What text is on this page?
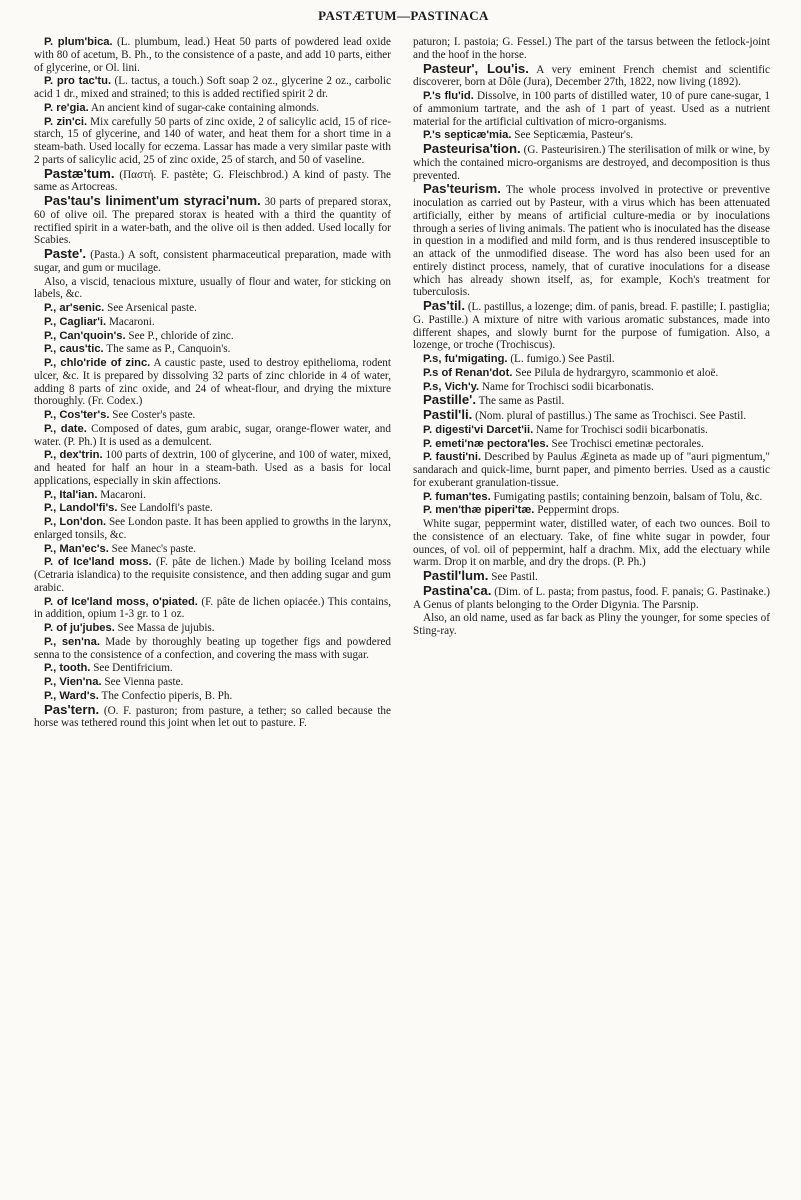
PASTÆTUM—PASTINACA

P. plum'bica. (L. plumbum, lead.) Heat 50 parts of powdered lead oxide with 80 of acetum, B. Ph., to the consistence of a paste, and add 10 parts, either of glycerine, or Ol. lini.

P. pro tac'tu. (L. tactus, a touch.) Soft soap 2 oz., glycerine 2 oz., carbolic acid 1 dr., mixed and strained; to this is added rectified spirit 2 dr.

P. re'gia. An ancient kind of sugar-cake containing almonds.

P. zin'ci. Mix carefully 50 parts of zinc oxide, 2 of salicylic acid, 15 of rice-starch, 15 of glycerine, and 140 of water, and heat them for a short time in a steam-bath. Used locally for eczema. Lassar has made a very similar paste with 2 parts of salicylic acid, 25 of zinc oxide, 25 of starch, and 50 of vaseline.

Pastæ'tum. (Παστή. F. pastète; G. Fleischbrod.) A kind of pasty. The same as Artocreas.

Pas'tau's liniment'um styraci'num. 30 parts of prepared storax, 60 of olive oil. The prepared storax is heated with a third the quantity of rectified spirit in a water-bath, and the olive oil is then added. Used locally for Scabies.

Paste'. (Pasta.) A soft, consistent pharmaceutical preparation, made with sugar, and gum or mucilage.

Also, a viscid, tenacious mixture, usually of flour and water, for sticking on labels, &c.

P., ar'senic. See Arsenical paste.

P., Cagliar'i. Macaroni.

P., Can'quoin's. See P., chloride of zinc.

P., caus'tic. The same as P., Canquoin's.

P., chlo'ride of zinc. A caustic paste, used to destroy epithelioma, rodent ulcer, &c. It is prepared by dissolving 32 parts of zinc chloride in 4 of water, adding 8 parts of zinc oxide, and 24 of wheat-flour, and drying the mixture thoroughly. (Fr. Codex.)

P., Cos'ter's. See Coster's paste.

P., date. Composed of dates, gum arabic, sugar, orange-flower water, and water. (P. Ph.) It is used as a demulcent.

P., dex'trin. 100 parts of dextrin, 100 of glycerine, and 100 of water, mixed, and heated for half an hour in a steam-bath. Used as a basis for local applications, especially in skin affections.

P., Ital'ian. Macaroni.

P., Landol'fi's. See Landolfi's paste.

P., Lon'don. See London paste. It has been applied to growths in the larynx, enlarged tonsils, &c.

P., Man'ec's. See Manec's paste.

P. of Ice'land moss. (F. pâte de lichen.) Made by boiling Iceland moss (Cetraria islandica) to the requisite consistence, and then adding sugar and gum arabic.

P. of Ice'land moss, o'piated. (F. pâte de lichen opiacée.) This contains, in addition, opium 1-3 gr. to 1 oz.

P. of ju'jubes. See Massa de jujubis.

P., sen'na. Made by thoroughly beating up together figs and powdered senna to the consistence of a confection, and covering the mass with sugar.

P., tooth. See Dentifricium.

P., Vien'na. See Vienna paste.

P., Ward's. The Confectio piperis, B. Ph.

Pas'tern. (O. F. pasturon; from pasture, a tether; so called because the horse was tethered round this joint when let out to pasture. F.

paturon; I. pastoia; G. Fessel.) The part of the tarsus between the fetlock-joint and the hoof in the horse.

Pasteur', Lou'is. A very eminent French chemist and scientific discoverer, born at Dôle (Jura), December 27th, 1822, now living (1892).

P.'s flu'id. Dissolve, in 100 parts of distilled water, 10 of pure cane-sugar, 1 of ammonium tartrate, and the ash of 1 part of yeast. Used as a nutrient material for the artificial cultivation of micro-organisms.

P.'s septicæ'mia. See Septicæmia, Pasteur's.

Pasteurisa'tion. (G. Pasteurisiren.) The sterilisation of milk or wine, by which the contained micro-organisms are destroyed, and decomposition is thus prevented.

Pas'teurism. The whole process involved in protective or preventive inoculation as carried out by Pasteur, with a virus which has been attenuated artificially, either by means of artificial culture-media or by inoculations through a series of living animals. The patient who is inoculated has the disease in question in a modified and mild form, and is thus rendered insusceptible to an attack of the unmodified disease. The word has also been used for an entirely distinct process, namely, that of curative inoculations for a disease which has already shown itself, as, for example, Koch's treatment for tuberculosis.

Pas'til. (L. pastillus, a lozenge; dim. of panis, bread. F. pastille; I. pastiglia; G. Pastille.) A mixture of nitre with various aromatic substances, made into different shapes, and slowly burnt for the purpose of fumigation. Also, a lozenge, or troche (Trochiscus).

P.s, fu'migating. (L. fumigo.) See Pastil.

P.s of Renan'dot. See Pilula de hydrargyro, scammonio et aloë.

P.s, Vich'y. Name for Trochisci sodii bicarbonatis.

Pastille'. The same as Pastil.

Pastil'li. (Nom. plural of pastillus.) The same as Trochisci. See Pastil.

P. digesti'vi Darcet'ii. Name for Trochisci sodii bicarbonatis.

P. emeti'næ pectora'les. See Trochisci emetinæ pectorales.

P. fausti'ni. Described by Paulus Ægineta as made up of "auri pigmentum," sandarach and quick-lime, burnt paper, and pimento berries. Used as a caustic for exuberant granulation-tissue.

P. fuman'tes. Fumigating pastils; containing benzoin, balsam of Tolu, &c.

P. men'thæ piperi'tæ. Peppermint drops.

White sugar, peppermint water, distilled water, of each two ounces. Boil to the consistence of an electuary. Take, of fine white sugar in powder, four ounces, of vol. oil of peppermint, half a drachm. Mix, add the electuary while warm. Drop it on marble, and dry the drops. (P. Ph.)

Pastil'lum. See Pastil.

Pastina'ca. (Dim. of L. pasta; from pastus, food. F. panais; G. Pastinake.) A Genus of plants belonging to the Order Digynia. The Parsnip.

Also, an old name, used as far back as Pliny the younger, for some species of Sting-ray.
